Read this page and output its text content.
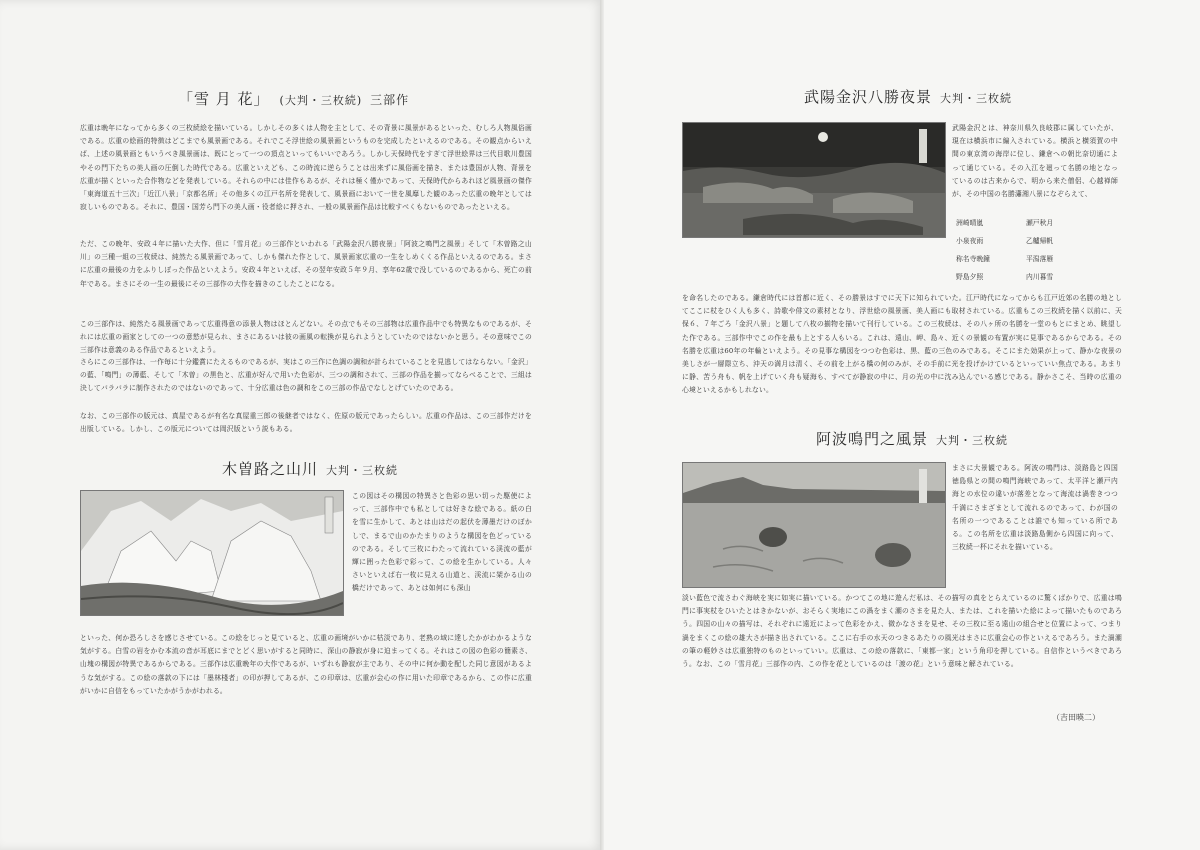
「雪 月 花」 (大判・三枚続) 三部作

広重は晩年になってから多くの三枚続絵を描いている。しかしその多くは人物を主として、その背景に風景があるといった、むしろ人物風俗画である。広重の絵画的特徴はどこまでも風景画である。それでこそ浮世絵の風景画というものを完成したといえるのである。その観点からいえば、上述の風景画ともいうべき風景画は、既にとって一つの頂点といってもいいであろう。しかし天保時代をすぎて浮世絵界は三代目歌川豊国やその門下たちの美人画の圧倒した時代である。広重といえども、この時流に逆らうことは出来ずに風俗画を描き、または豊国が人物、背景を広重が描くといった合作物などを発表している。それらの中には佳作もあるが、それは極く僅かであって、天保時代からあれほど風景画の傑作「東海道五十三次」「近江八景」「京都名所」その他多くの江戸名所を発表して、風景画において一世を風靡した観のあった広重の晩年としては寂しいものである。それに、豊国・国芳ら門下の美人画・役者絵に押され、一般の風景画作品は比較すべくもないものであったといえる。

ただ、この晩年、安政４年に描いた大作、但に「雪月花」の三部作といわれる「武陽金沢八勝夜景」「阿波之鳴門之風景」そして「木曽路之山川」の三種一組の三枚続は、純然たる風景画であって、しかも傑れた作として、風景画家広重の一生をしめくくる作品といえるのである。まさに広重の最後の力をふりしぼった作品といえよう。安政４年といえば、その翌年安政５年９月、享年62歳で没しているのであるから、死亡の前年である。まさにその一生の最後にその三部作の大作を描きのこしたことになる。

この三部作は、純然たる風景画であって広重得意の添景人物はほとんどない。その点でもその三部物は広重作品中でも特異なものであるが、それには広重の画家としての一つの意慾が見られ、まさにあるいは彼の画風の転換が見られようとしていたのではないかと思う。その意味でこの三部作は意義のある作品であるといえよう。

さらにこの三部作は、一作毎に十分鑑賞にたえるものであるが、実はこの三作に色調の調和が計られていることを見逃してはならない。「金沢」の藍、「鳴門」の薄藍、そして「木曽」の黒色と、広重が好んで用いた色彩が、三つの調和されて、三部の作品を揃ってならべることで、三組は決してバラバラに制作されたのではないのであって、十分広重は色の調和をこの三部の作品でなしとげていたのである。

なお、この三部作の版元は、真屋であるが有名な真屋重三郎の後継者ではなく、佐原の版元であったらしい。広重の作品は、この三部作だけを出版している。しかし、この版元については岡沢版という説もある。

木曽路之山川 大判・三枚続

この図はその構図の特異さと色彩の思い切った駆使によって、三部作中でも私としては好きな絵である。紙の白を雪に生かして、あとは山はだの起伏を薄墨だけのぼかしで、まるで山のかたまりのような構図を色どっているのである。そして三枚にわたって流れている渓流の藍が輝に囲った色彩で彩って、この絵を生かしている。人々さいといえば右一枚に見える山道と、渓流に架かる山の橋だけであって、あとは如何にも深山

といった、何か恐ろしさを感じさせている。この絵をじっと見ていると、広重の画境がいかに枯淡であり、老熟の域に達したかがわかるような気がする。白雪の岩をかむ本流の音が耳底にまでとどく思いがすると同時に、深山の静寂が身に迫まってくる。それはこの図の色彩の簡素さ、山塊の構図が特異であるからである。三部作は広重晩年の大作であるが、いずれも静寂が主であり、その中に何か動を配した同じ意図があるような気がする。この絵の落款の下には「墨林棧者」の印が押してあるが、この印章は、広重が会心の作に用いた印章であるから、この作に広重がいかに自信をもっていたかがうかがわれる。

武陽金沢八勝夜景 大判・三枚続

武陽金沢とは、神奈川県久良岐郡に属していたが、現在は横浜市に編入されている。横浜と横須賀の中間の東京湾の海岸に位し、鎌倉への朝比奈切通によって通じている。その入江を廻って名勝の地となっているのは古来からで、明から来た僧侶、心越禅師が、その中国の名勝瀟湘八景になぞらえて、

洲崎晴嵐	瀬戸秋月
小泉夜雨	乙艫帰帆
称名寺晩鐘	平潟落雁
野島夕照	内川暮雪

を命名したのである。鎌倉時代には首都に近く、その勝景はすでに天下に知られていた。江戸時代になってからも江戸近郊の名勝の地としてここに杖をひく人も多く、詩歌や俳文の素材となり、浮世絵の風景画、美人画にも取材されている。広重もこの三枚続を描く以前に、天保６、７年ごろ「金沢八景」と題して八枚の揃物を描いて刊行している。この三枚続は、その八ヶ所の名勝を一堂のもとにまとめ、眺望した作である。三部作中でこの作を最も上とする人もいる。これは、遠山、岬、島々、近くの景観の布置が実に見事であるからである。その名勝を広重は60年の年輪といえよう。その見事な構図をつつむ色彩は、黒、藍の三色のみである。そこにまた効果が上って、静かな夜景の美しさが一層際立ち、沖天の満月は清く、その前を上がる橋の何のみが、その手前に光を投げかけているといっていい焦点である。あまりに静、苦う舟も、帆を上げていく舟も疑海も、すべてが静寂の中に、月の光の中に沈み込んでいる感じである。静かさこそ、当時の広重の心境といえるかもしれない。

阿波鳴門之風景 大判・三枚続

まさに大景観である。阿波の鳴門は、淡路島と四国徳島県との間の鳴門海峡であって、太平洋と瀬戸内海との水位の違いが落差となって海流は渦巻きつつ千満にさまざまとして流れるのであって、わが国の名所の一つであることは誰でも知っている所である。この名所を広重は淡路島側から四国に向って、三枚続一杯にそれを描いている。

淡い藍色で流さわぐ海峡を実に如実に描いている。かつてこの地に遊んだ私は、その描写の真をとらえているのに驚くばかりで、広重は鳴門に事実杖をひいたとはきかないが、おそらく実地にこの渦をまく潮のさまを見た人、または、これを描いた絵によって描いたものであろう。四国の山々の描写は、それぞれに遠近によって色彩をかえ、微かなさまを見せ、その三枚に至る遠山の組合せと位置によって、つまり渦をまくこの絵の雄大さが描き出されている。ここに右手の水天のつきるあたりの風光はまさに広重会心の作といえるであろう。また渦潮の筆の軽妙さは広重独特のものといっていい。広重は、この絵の落款に、「東都一家」という角印を押している。自信作というべきであろう。なお、この「雪月花」三部作の内、この作を花としているのは「渡の花」という意味と解されている。

（吉田暎二）
